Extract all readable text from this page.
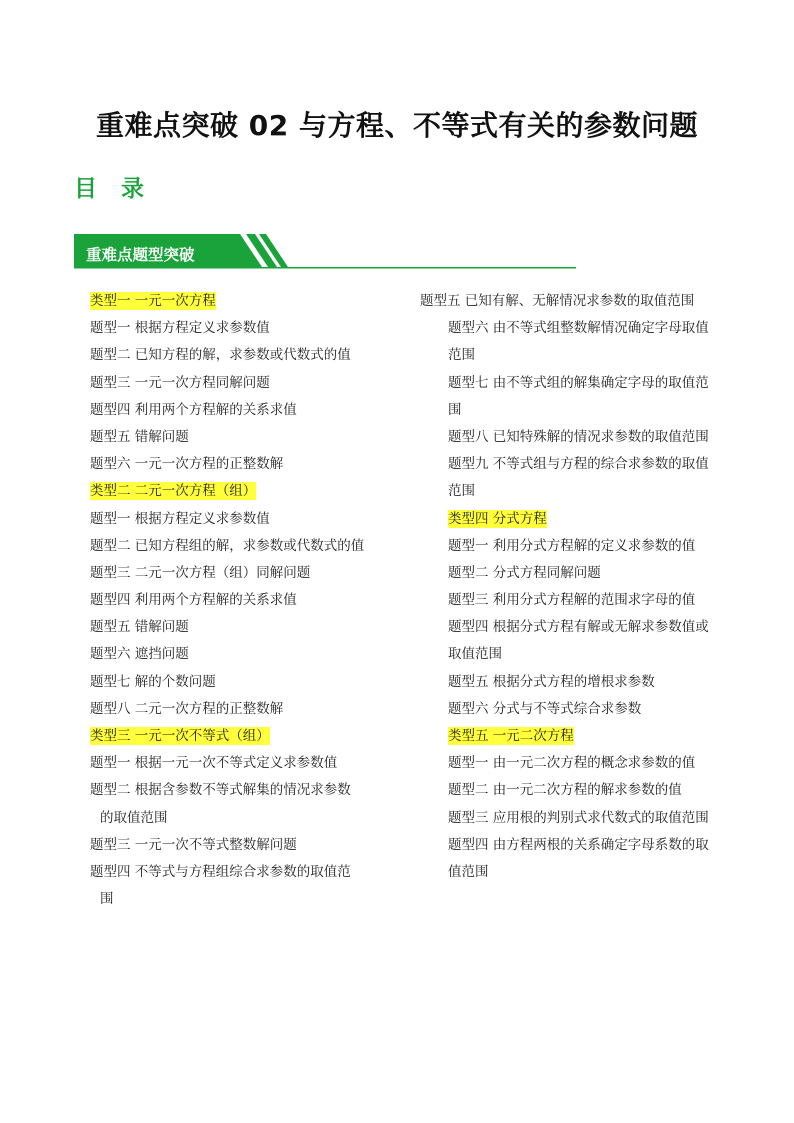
重难点突破 02 与方程、不等式有关的参数问题
目 录
重难点题型突破
类型一 一元一次方程
题型一 根据方程定义求参数值
题型二 已知方程的解，求参数或代数式的值
题型三 一元一次方程同解问题
题型四 利用两个方程解的关系求值
题型五 错解问题
题型六 一元一次方程的正整数解
类型二 二元一次方程（组）
题型一 根据方程定义求参数值
题型二 已知方程组的解，求参数或代数式的值
题型三 二元一次方程（组）同解问题
题型四 利用两个方程解的关系求值
题型五 错解问题
题型六 遮挡问题
题型七 解的个数问题
题型八 二元一次方程的正整数解
类型三 一元一次不等式（组）
题型一 根据一元一次不等式定义求参数值
题型二 根据含参数不等式解集的情况求参数
的取值范围
题型三 一元一次不等式整数解问题
题型四 不等式与方程组综合求参数的取值范
围
题型五 已知有解、无解情况求参数的取值范围
题型六 由不等式组整数解情况确定字母取值
范围
题型七 由不等式组的解集确定字母的取值范
围
题型八 已知特殊解的情况求参数的取值范围
题型九 不等式组与方程的综合求参数的取值
范围
类型四 分式方程
题型一 利用分式方程解的定义求参数的值
题型二 分式方程同解问题
题型三 利用分式方程解的范围求字母的值
题型四 根据分式方程有解或无解求参数值或
取值范围
题型五 根据分式方程的增根求参数
题型六 分式与不等式综合求参数
类型五 一元二次方程
题型一 由一元二次方程的概念求参数的值
题型二 由一元二次方程的解求参数的值
题型三 应用根的判别式求代数式的取值范围
题型四 由方程两根的关系确定字母系数的取
值范围
